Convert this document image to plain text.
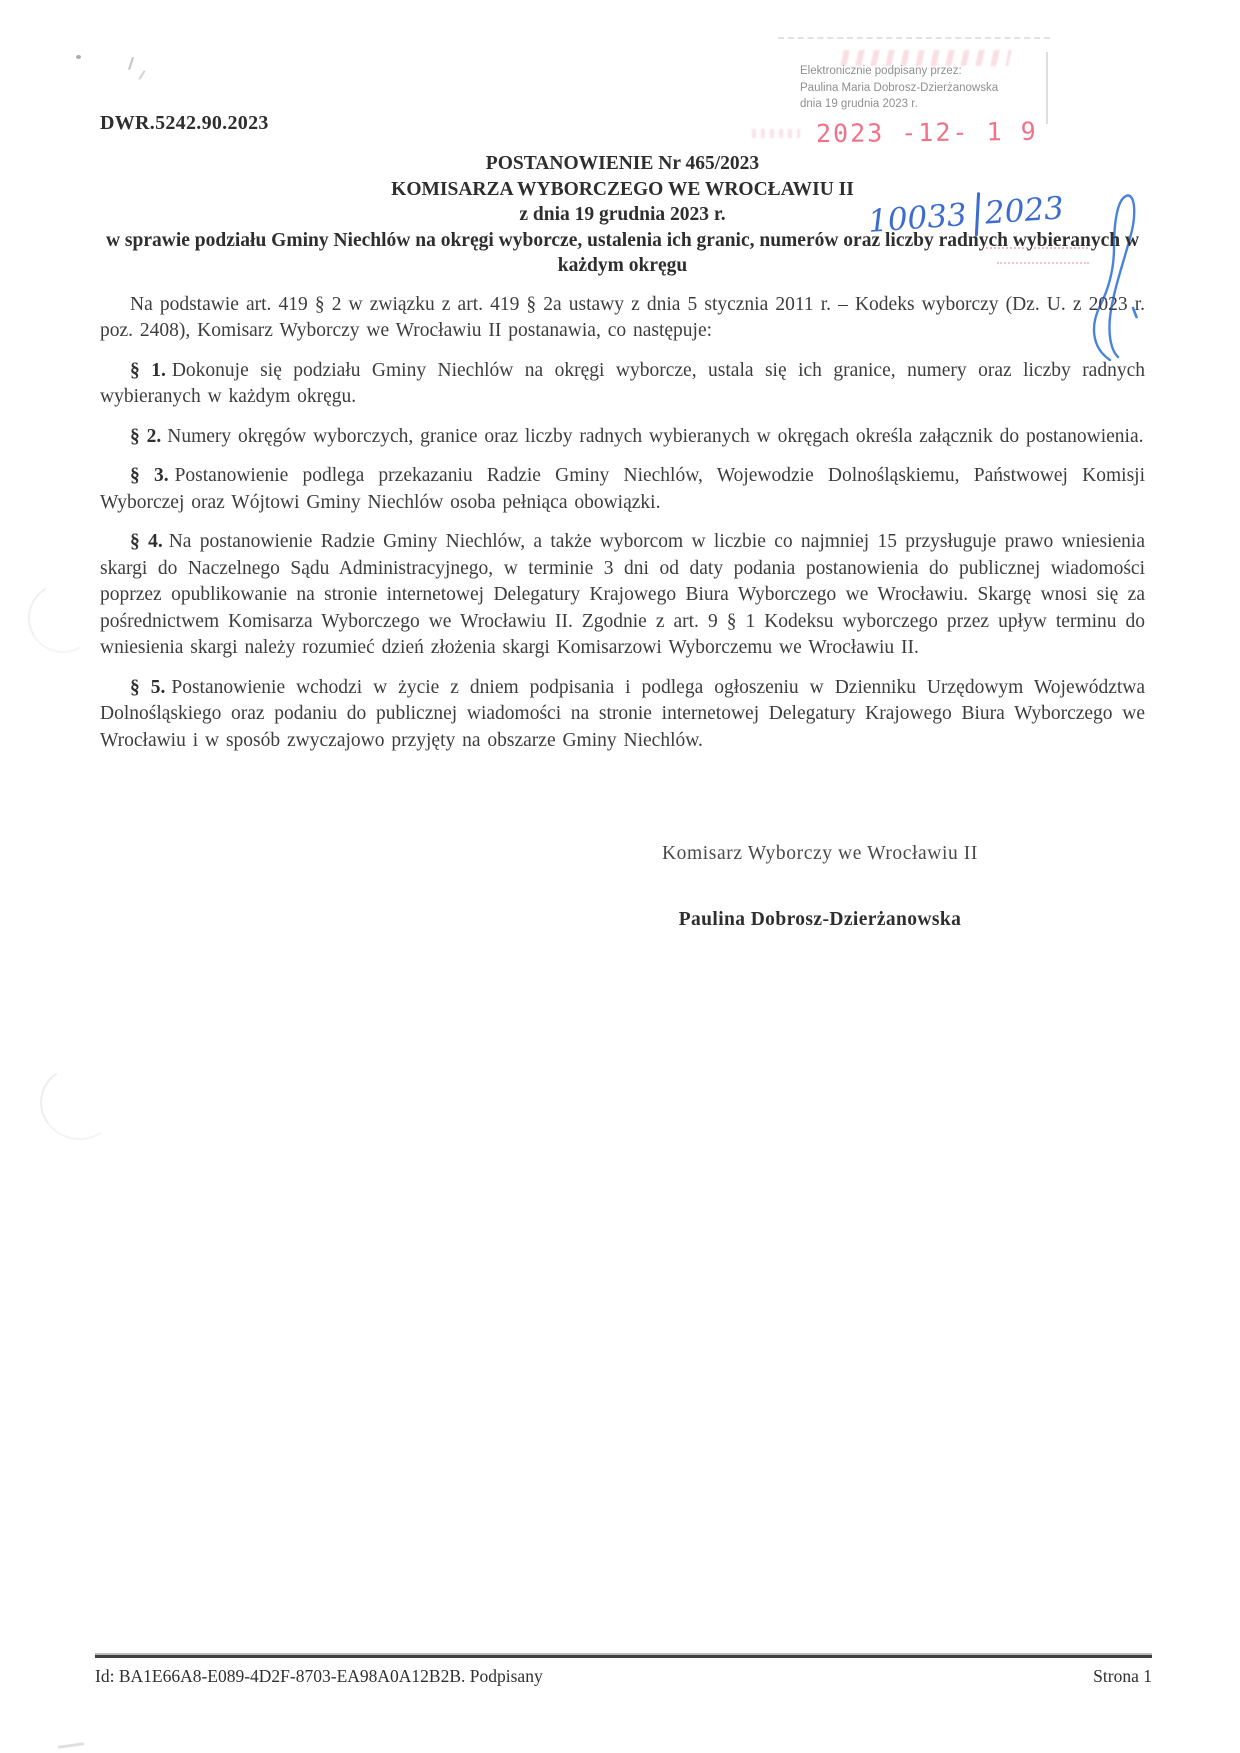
Elektronicznie podpisany przez:
Paulina Maria Dobrosz-Dzierżanowska
dnia 19 grudnia 2023 r.
2023 -12- 1 9
10033 2023
DWR.5242.90.2023
POSTANOWIENIE Nr 465/2023
KOMISARZA WYBORCZEGO WE WROCŁAWIU II
z dnia 19 grudnia 2023 r.
w sprawie podziału Gminy Niechlów na okręgi wyborcze, ustalenia ich granic, numerów oraz liczby radnych wybieranych w każdym okręgu

Na podstawie art. 419 § 2 w związku z art. 419 § 2a ustawy z dnia 5 stycznia 2011 r. – Kodeks wyborczy (Dz. U. z 2023 r. poz. 2408), Komisarz Wyborczy we Wrocławiu II postanawia, co następuje:

§ 1. Dokonuje się podziału Gminy Niechlów na okręgi wyborcze, ustala się ich granice, numery oraz liczby radnych wybieranych w każdym okręgu.

§ 2. Numery okręgów wyborczych, granice oraz liczby radnych wybieranych w okręgach określa załącznik do postanowienia.

§ 3. Postanowienie podlega przekazaniu Radzie Gminy Niechlów, Wojewodzie Dolnośląskiemu, Państwowej Komisji Wyborczej oraz Wójtowi Gminy Niechlów osoba pełniąca obowiązki.

§ 4. Na postanowienie Radzie Gminy Niechlów, a także wyborcom w liczbie co najmniej 15 przysługuje prawo wniesienia skargi do Naczelnego Sądu Administracyjnego, w terminie 3 dni od daty podania postanowienia do publicznej wiadomości poprzez opublikowanie na stronie internetowej Delegatury Krajowego Biura Wyborczego we Wrocławiu. Skargę wnosi się za pośrednictwem Komisarza Wyborczego we Wrocławiu II. Zgodnie z art. 9 § 1 Kodeksu wyborczego przez upływ terminu do wniesienia skargi należy rozumieć dzień złożenia skargi Komisarzowi Wyborczemu we Wrocławiu II.

§ 5. Postanowienie wchodzi w życie z dniem podpisania i podlega ogłoszeniu w Dzienniku Urzędowym Województwa Dolnośląskiego oraz podaniu do publicznej wiadomości na stronie internetowej Delegatury Krajowego Biura Wyborczego we Wrocławiu i w sposób zwyczajowo przyjęty na obszarze Gminy Niechlów.

Komisarz Wyborczy we Wrocławiu II
Paulina Dobrosz-Dzierżanowska
Id: BA1E66A8-E089-4D2F-8703-EA98A0A12B2B. Podpisany	Strona 1
